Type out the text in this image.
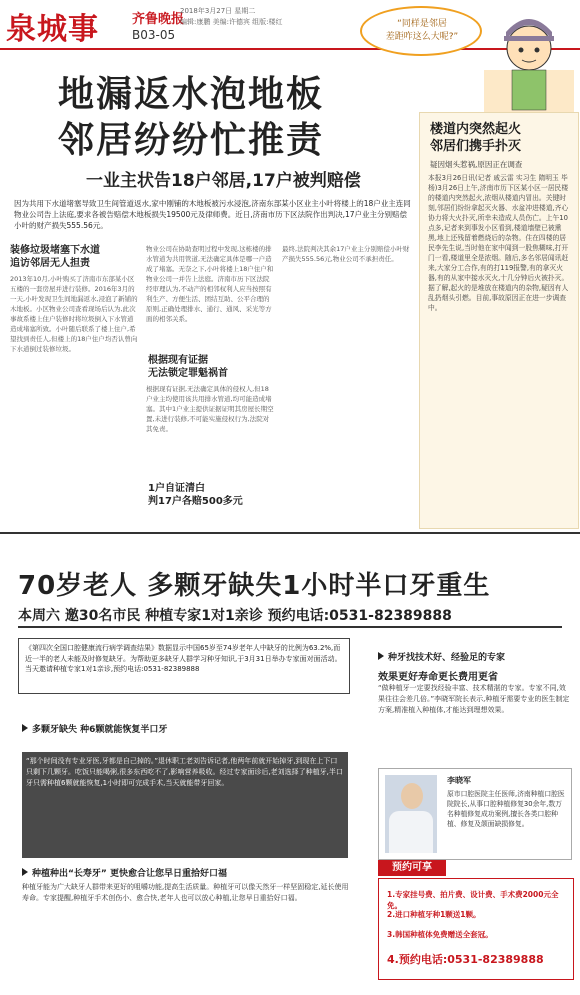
泉城事	齐鲁晚报
2018年3月27日 星期二
编辑:康鹏 美编:许德宾 组版:楼红
B03-05
“同样是邻居
差距咋这么大呢?”
地漏返水泡地板
邻居纷纷忙推责
一业主状告18户邻居,17户被判赔偿
因为共用下水道堵塞导致卫生间管道返水,家中刚铺的木地板被污水浸泡,济南东部某小区业主小叶将楼上的18户业主连同物业公司告上法庭,要求各被告赔偿木地板损失19500元及律师费。近日,济南市历下区法院作出判决,17户业主分别赔偿小叶的财产损失555.56元。
装修垃圾堵塞下水道
追访邻居无人担责
2013年10月,小叶购买了济南市东部某小区五楼的一套房屋并进行装修。2016年3月的一天,小叶发现卫生间地漏返水,浸泡了新铺的木地板。小区物业公司查看现场后认为,此次事故系楼上住户装修时将垃圾倒入下水管道造成堵塞所致。小叶随后联系了楼上住户,希望找到责任人,但楼上的18户住户均否认曾向下水道倒过装修垃圾。
物业公司在协助查明过程中发现,这栋楼的排水管道为共用管道,无法确定具体是哪一户造成了堵塞。无奈之下,小叶将楼上18户住户和物业公司一并告上法庭。济南市历下区法院经审理认为,不动产的相邻权利人应当按照有利生产、方便生活、团结互助、公平合理的原则,正确处理排水、通行、通风、采光等方面的相邻关系。
根据现有证据
无法锁定罪魁祸首
根据现有证据,无法确定具体的侵权人,但18户业主均使用该共用排水管道,均可能造成堵塞。其中1户业主提供证据证明其房屋长期空置,未进行装修,不可能实施侵权行为,法院对其免责。
1户自证清白
判17户各赔500多元
最终,法院判决其余17户业主分别赔偿小叶财产损失555.56元,物业公司不承担责任。
楼道内突然起火
邻居们携手扑灭
疑因烟头惹祸,原因正在调查
本报3月26日讯(记者 戚云雷 实习生 隋明玉 毕杨)3月26日上午,济南市历下区某小区一居民楼的楼道内突然起火,浓烟从楼道内冒出。关键时刻,邻居们纷纷拿起灭火器、水盆冲进楼道,齐心协力将大火扑灭,所幸未造成人员伤亡。上午10点多,记者来到事发小区看到,楼道墙壁已被熏黑,地上还残留着燃烧后的杂物。住在四楼的居民李先生说,当时他在家中闻到一股焦糊味,打开门一看,楼道里全是浓烟。随后,多名邻居闻讯赶来,大家分工合作,有的打119报警,有的拿灭火器,有的从家中接水灭火,十几分钟后火被扑灭。据了解,起火的是堆放在楼道内的杂物,疑因有人乱扔烟头引燃。目前,事故原因正在进一步调查中。
70岁老人 多颗牙缺失1小时半口牙重生
本周六 邀30名市民 种植专家1对1亲诊 预约电话:0531-82389888
《第四次全国口腔健康流行病学调查结果》数据显示中国65岁至74岁老年人中缺牙的比例为63.2%,而近一半的老人未能及时修复缺牙。为帮助更多缺牙人群学习种牙知识,于3月31日举办专家面对面活动。当天邀请种植专家1对1亲诊,预约电话:0531-82389888
多颗牙缺失 种6颗就能恢复半口牙
“那个时间没有专业牙医,牙都是自己掉的。”退休职工老刘告诉记者,他两年前就开始掉牙,到现在上下口只剩下几颗牙。吃饭只能喝粥,很多东西吃不了,影响营养吸收。经过专家面诊后,老刘选择了种植牙,半口牙只需种植6颗就能恢复,1小时即可完成手术,当天就能带牙回家。
种植种出“长寿牙” 更快愈合让您早日重拾好口福
种植牙能为广大缺牙人群带来更好的咀嚼功能,提高生活质量。种植牙可以像天然牙一样坚固稳定,延长使用寿命。专家提醒,种植牙手术创伤小、愈合快,老年人也可以放心种植,让您早日重拾好口福。
种牙找技术好、经验足的专家
效果更好寿命更长费用更省
“做种植牙一定要找经验丰富、技术精湛的专家。专家不同,效果往往会差几倍。”李晓军院长表示,种植牙需要专业的医生制定方案,精准植入种植体,才能达到理想效果。
李晓军
原市口腔医院主任医师,济南种植口腔医院院长,从事口腔种植修复30余年,数万名种植修复成功案例,擅长各类口腔种植、修复及颌面缺损修复。
预约可享
1.专家挂号费、拍片费、设计费、手术费2000元全免。
2.进口种植牙种1颗送1颗。
3.韩国种植体免费赠送全套冠。
4.预约电话:0531-82389888
